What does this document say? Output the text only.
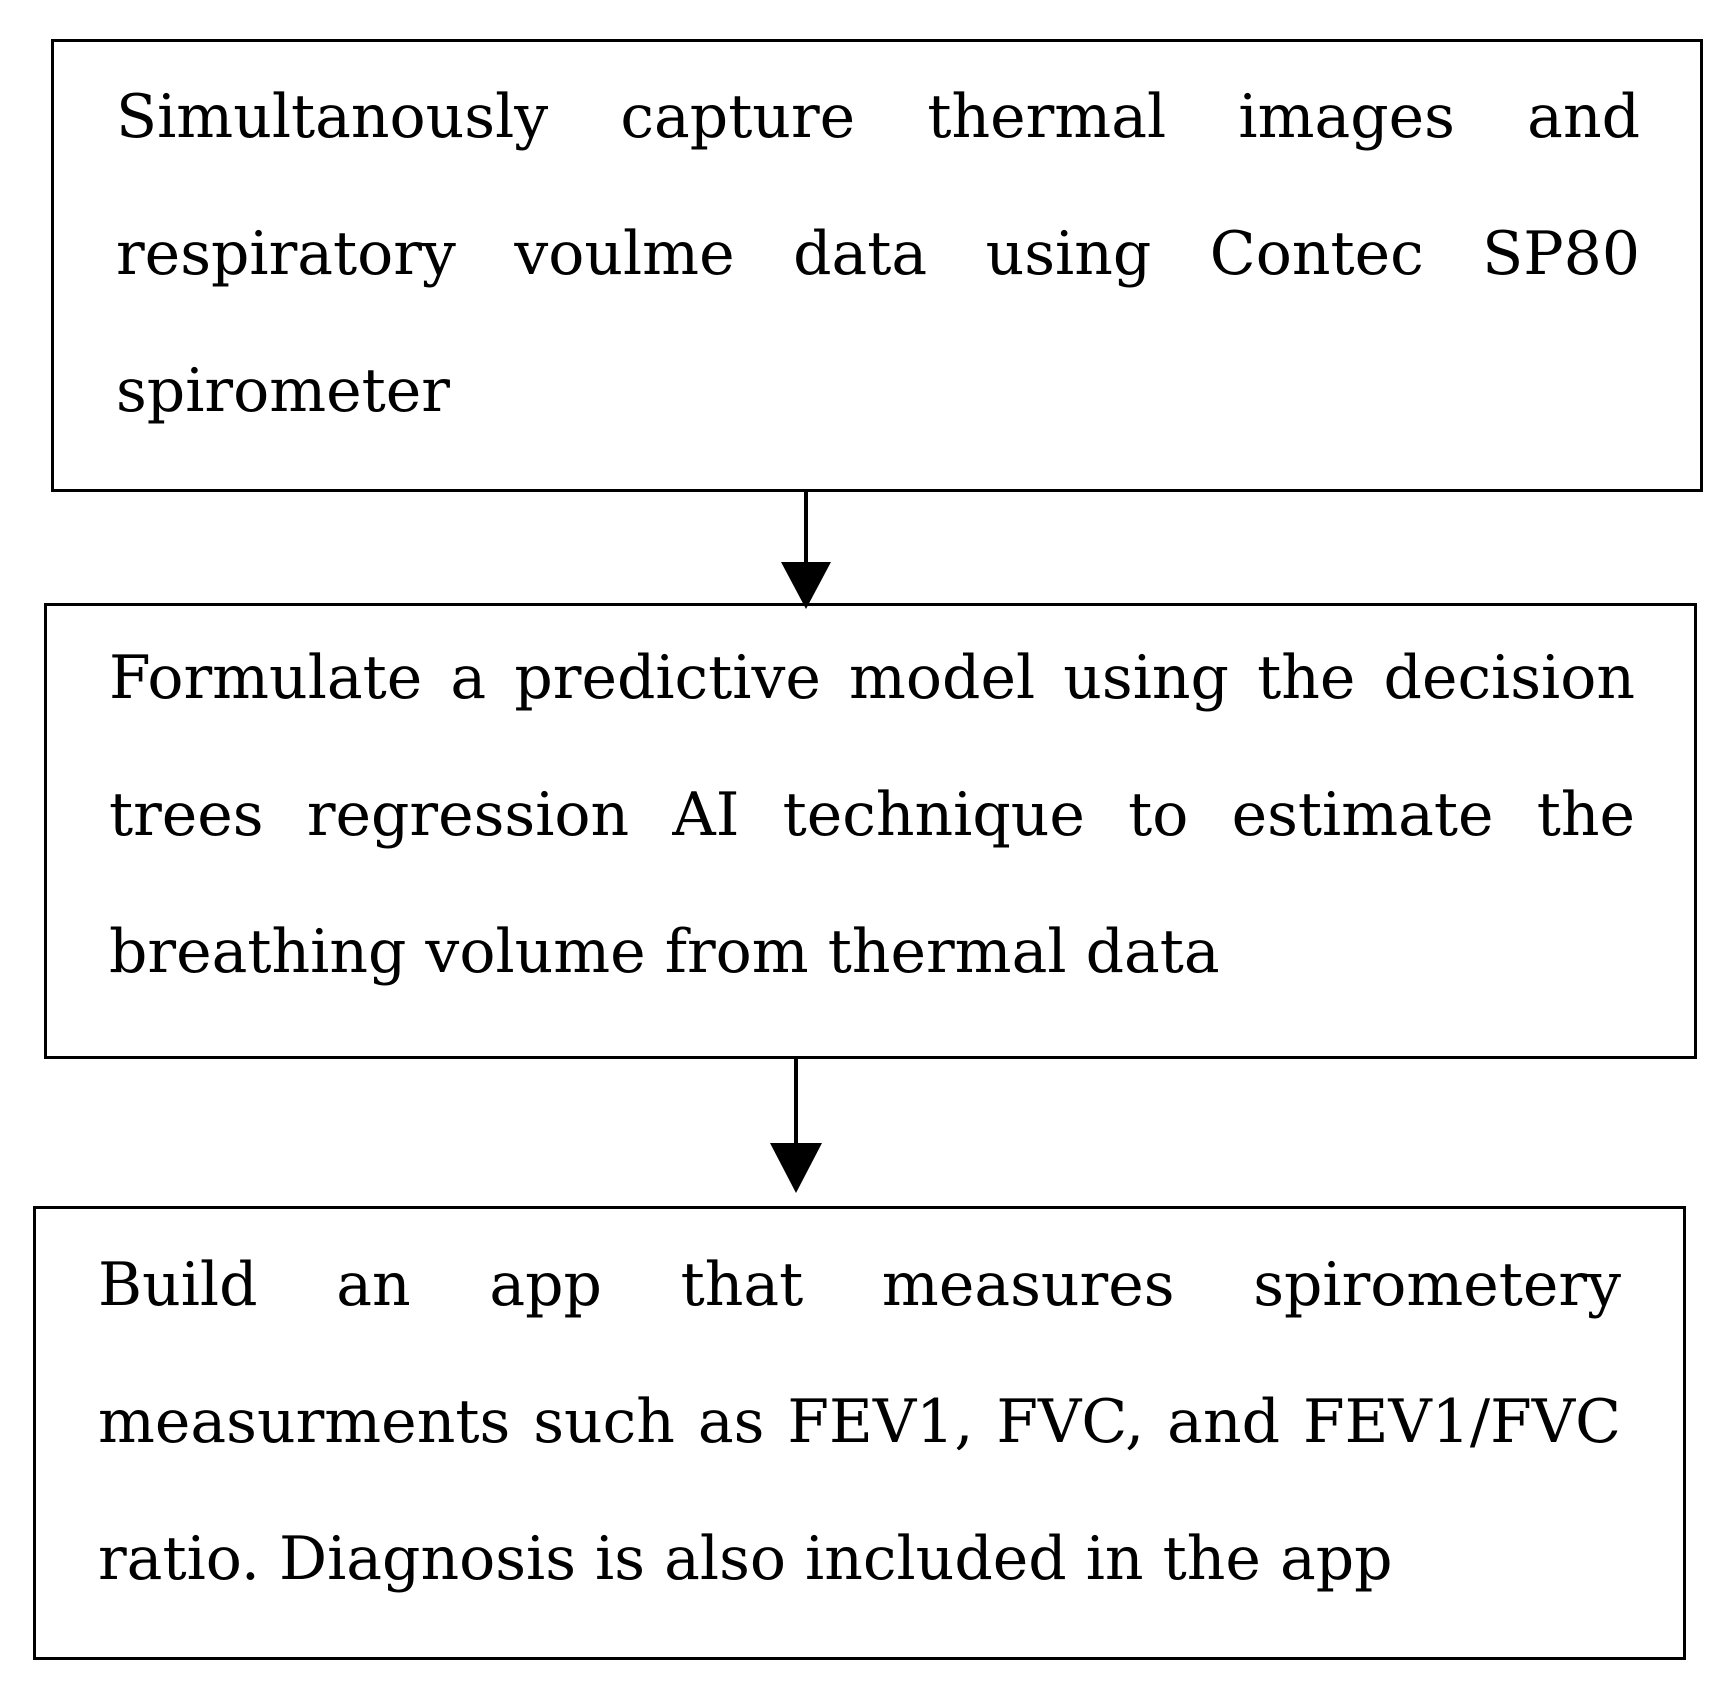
Simultanously capture thermal images and respiratory voulme data using Contec SP80 spirometer

Formulate a predictive model using the decision trees regression AI technique to estimate the breathing volume from thermal data

Build an app that measures spirometery measurments such as FEV1, FVC, and FEV1/FVC ratio. Diagnosis is also included in the app
